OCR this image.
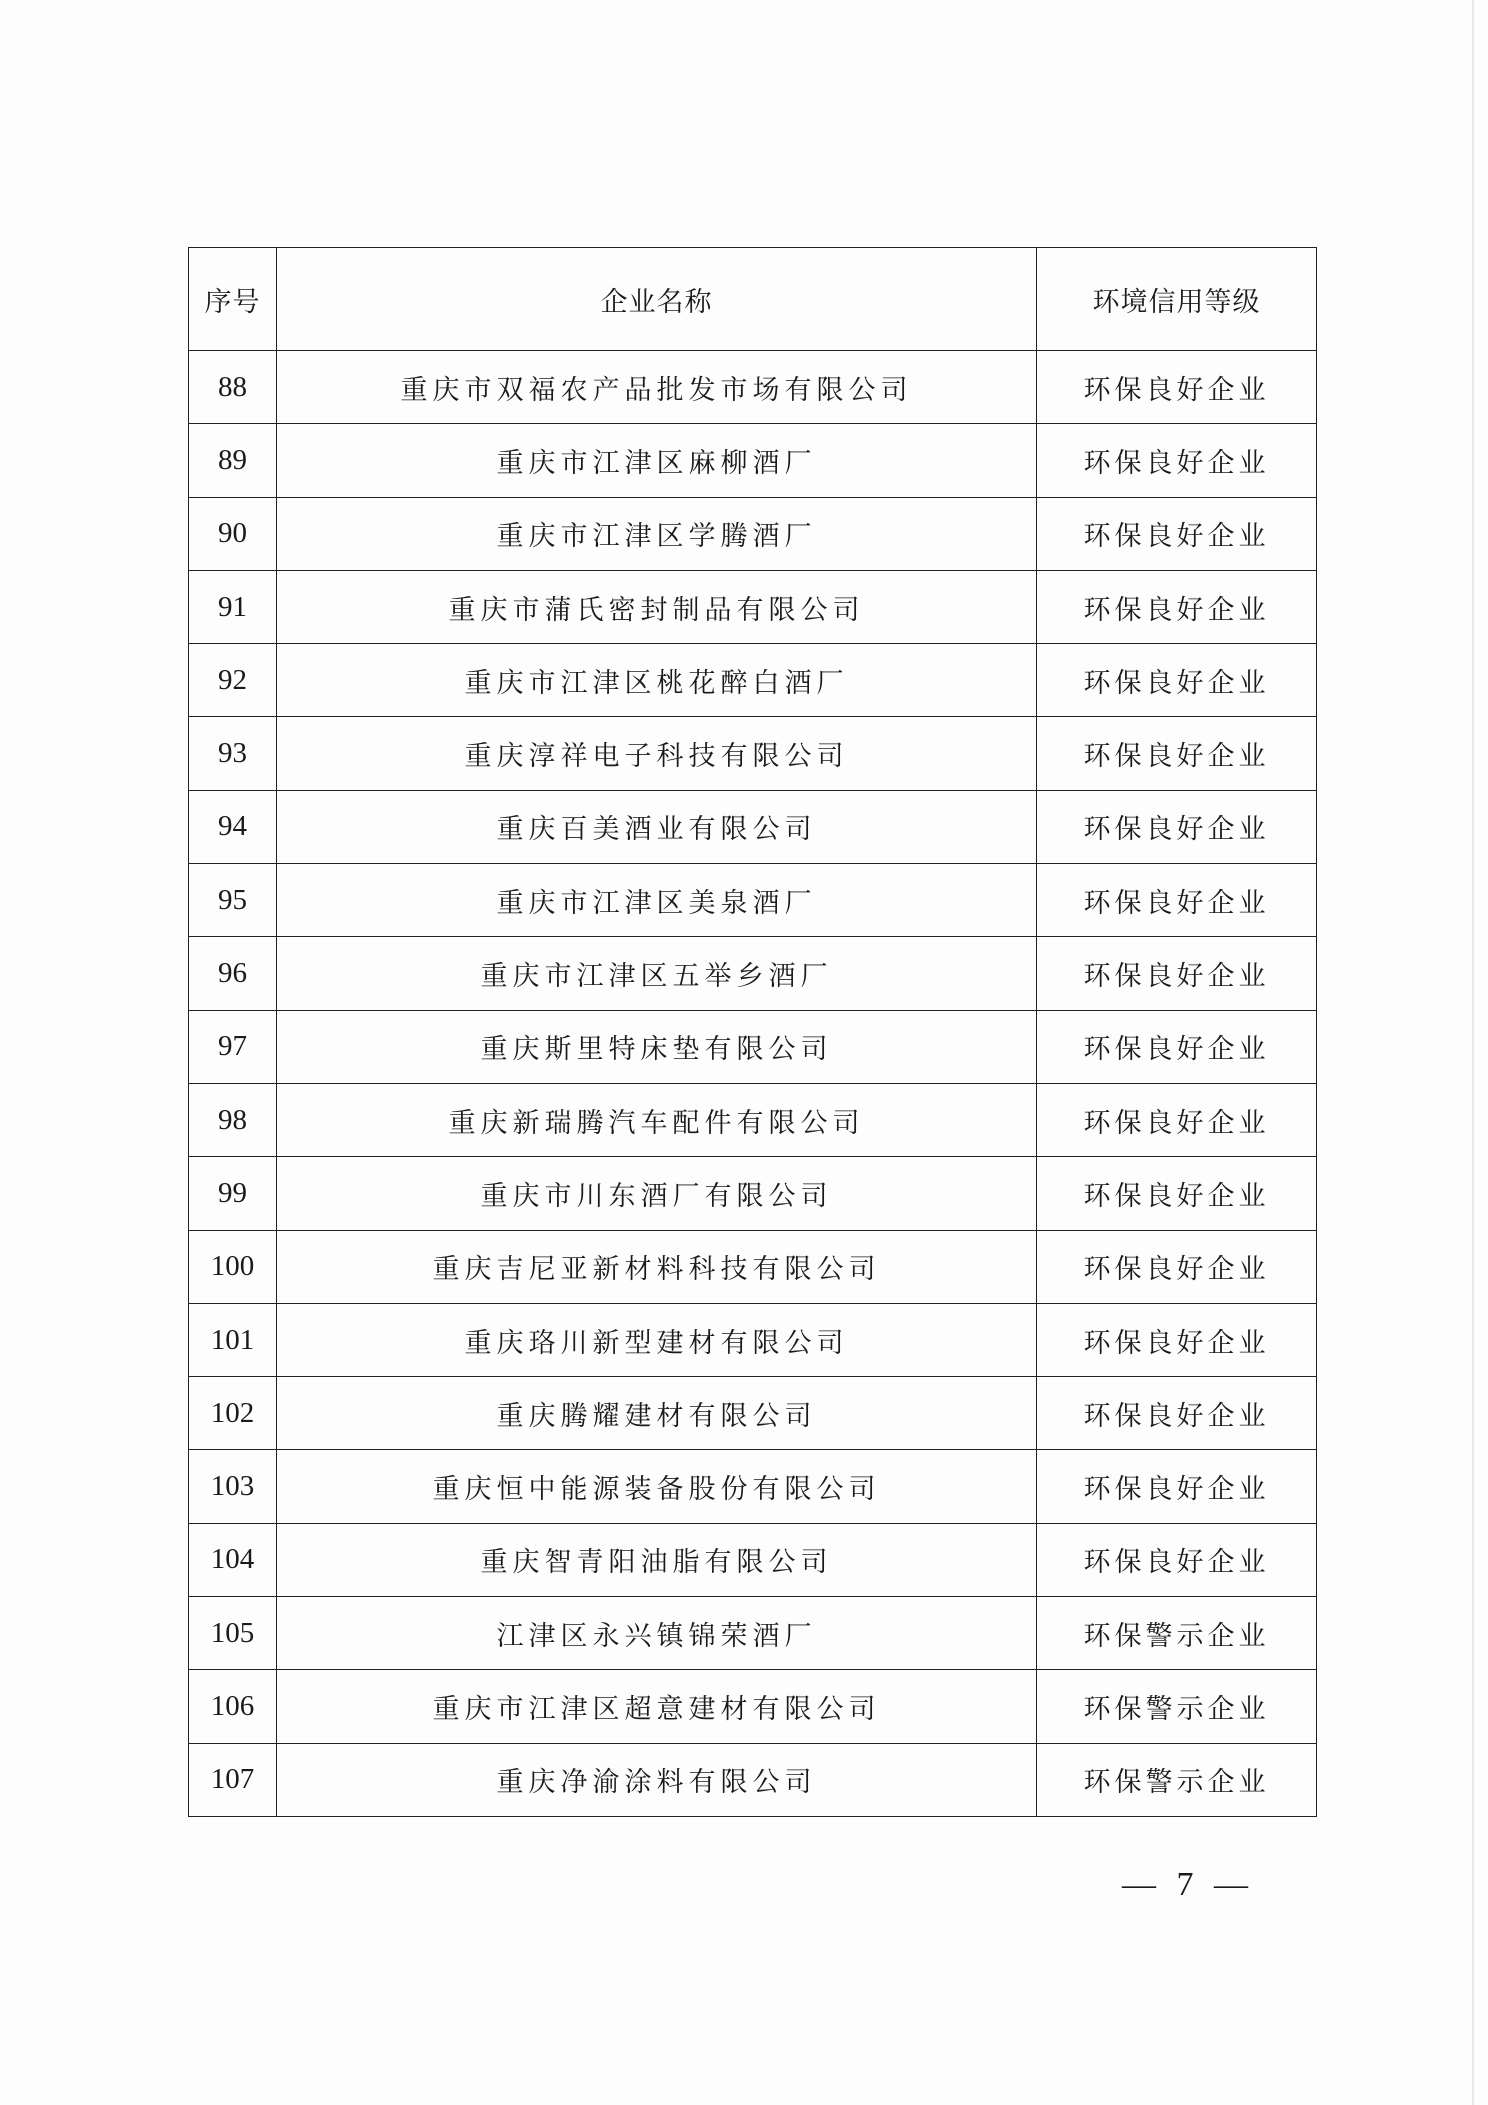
序号	企业名称	环境信用等级
88	重庆市双福农产品批发市场有限公司	环保良好企业
89	重庆市江津区麻柳酒厂	环保良好企业
90	重庆市江津区学腾酒厂	环保良好企业
91	重庆市蒲氏密封制品有限公司	环保良好企业
92	重庆市江津区桃花醉白酒厂	环保良好企业
93	重庆淳祥电子科技有限公司	环保良好企业
94	重庆百美酒业有限公司	环保良好企业
95	重庆市江津区美泉酒厂	环保良好企业
96	重庆市江津区五举乡酒厂	环保良好企业
97	重庆斯里特床垫有限公司	环保良好企业
98	重庆新瑞腾汽车配件有限公司	环保良好企业
99	重庆市川东酒厂有限公司	环保良好企业
100	重庆吉尼亚新材料科技有限公司	环保良好企业
101	重庆珞川新型建材有限公司	环保良好企业
102	重庆腾耀建材有限公司	环保良好企业
103	重庆恒中能源装备股份有限公司	环保良好企业
104	重庆智青阳油脂有限公司	环保良好企业
105	江津区永兴镇锦荣酒厂	环保警示企业
106	重庆市江津区超意建材有限公司	环保警示企业
107	重庆净渝涂料有限公司	环保警示企业
— 7 —
